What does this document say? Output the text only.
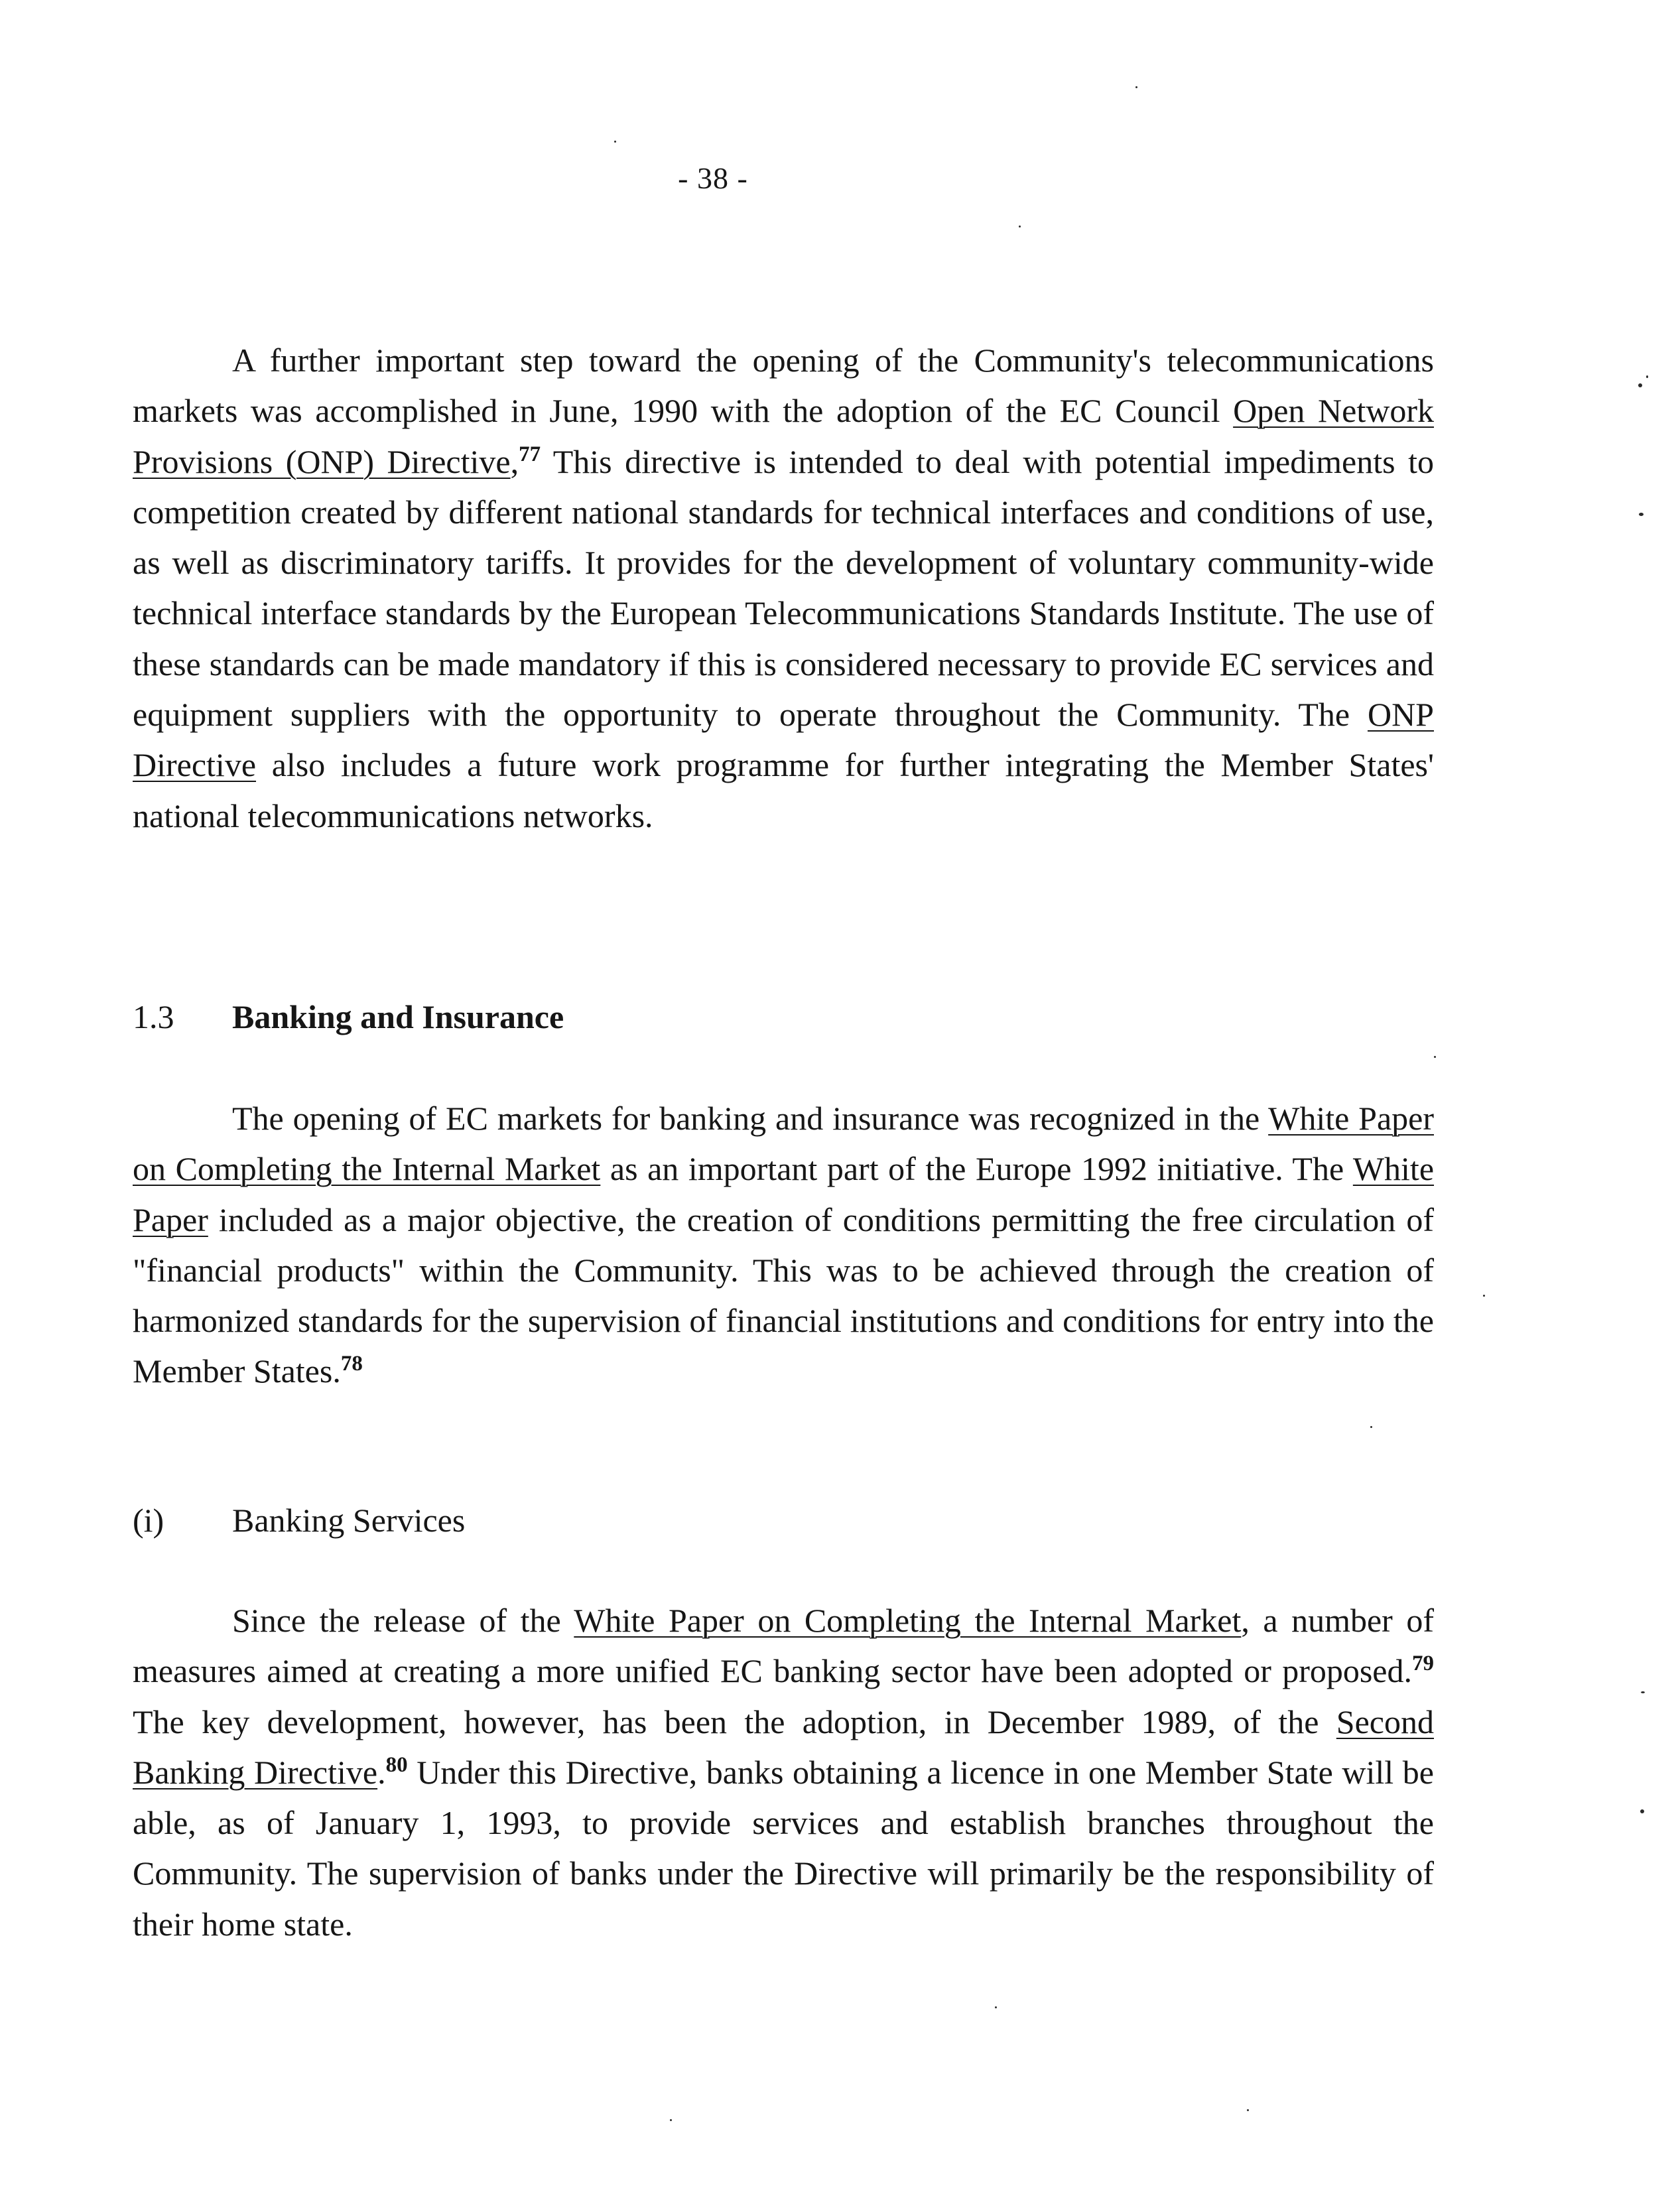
- 38 -

A further important step toward the opening of the Community's telecommunications markets was accomplished in June, 1990 with the adoption of the EC Council Open Network Provisions (ONP) Directive,$^{77}$ This directive is intended to deal with potential impediments to competition created by different national standards for technical interfaces and conditions of use, as well as discriminatory tariffs. It provides for the development of voluntary community-wide technical interface standards by the European Telecommunications Standards Institute. The use of these standards can be made mandatory if this is considered necessary to provide EC services and equipment suppliers with the opportunity to operate throughout the Community. The ONP Directive also includes a future work programme for further integrating the Member States' national telecommunications networks.

1.3 Banking and Insurance

The opening of EC markets for banking and insurance was recognized in the White Paper on Completing the Internal Market as an important part of the Europe 1992 initiative. The White Paper included as a major objective, the creation of conditions permitting the free circulation of "financial products" within the Community. This was to be achieved through the creation of harmonized standards for the supervision of financial institutions and conditions for entry into the Member States.$^{78}$

(i) Banking Services

Since the release of the White Paper on Completing the Internal Market, a number of measures aimed at creating a more unified EC banking sector have been adopted or proposed.$^{79}$ The key development, however, has been the adoption, in December 1989, of the Second Banking Directive.$^{80}$ Under this Directive, banks obtaining a licence in one Member State will be able, as of January 1, 1993, to provide services and establish branches throughout the Community. The supervision of banks under the Directive will primarily be the responsibility of their home state.
